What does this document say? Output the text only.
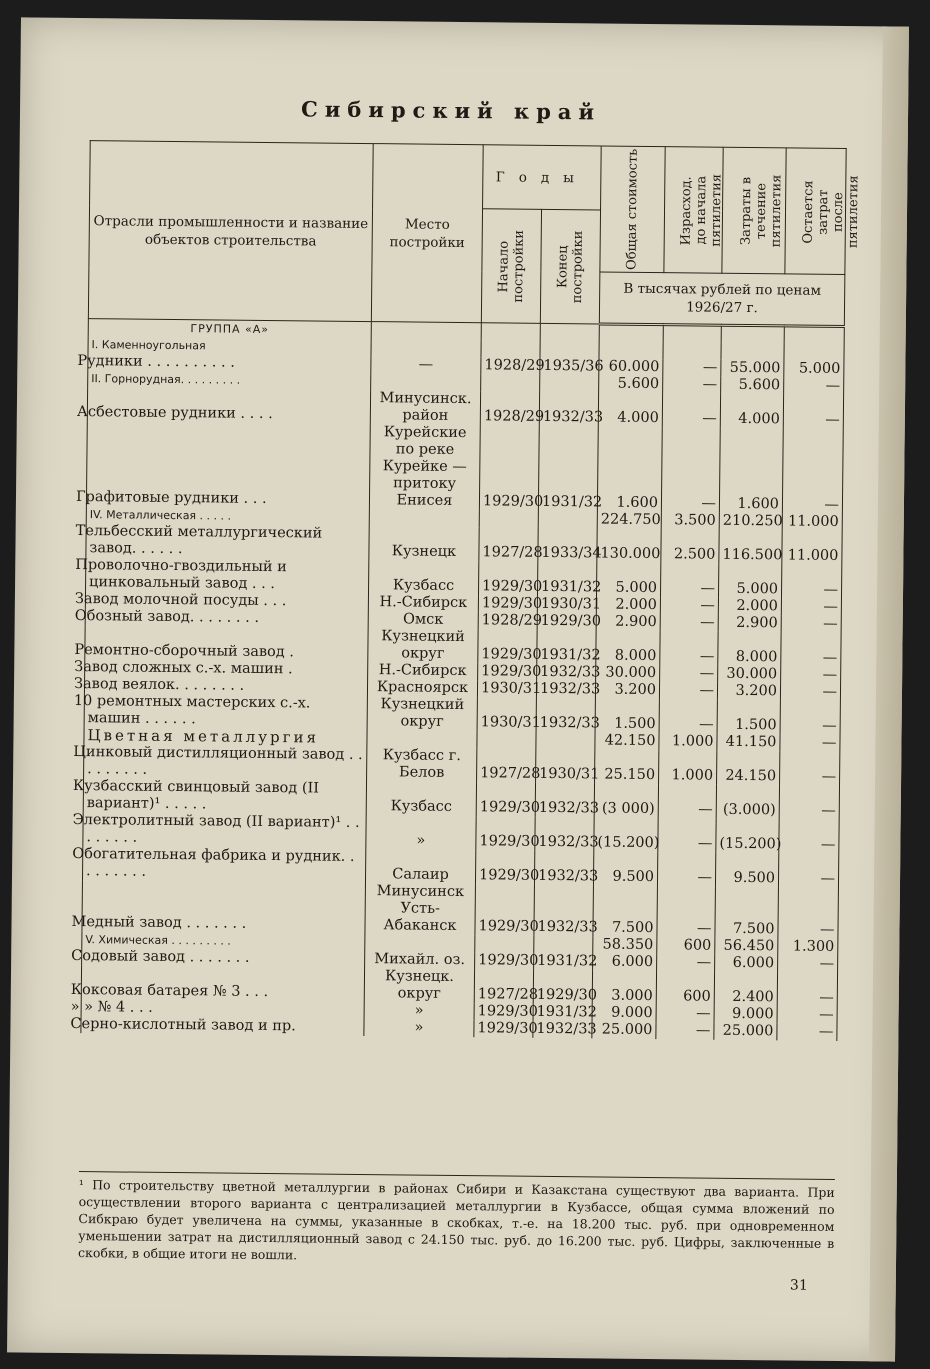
Сибирский край
Отрасли промышленности и название объектов строительства	Место постройки	Годы		Общая стоимость	Израсход. до начала пятилетия	Затраты в течение пятилетия	Остается затрат после пятилетия

		Начало постройки	Конец постройки				

				В тысячах рублей по ценам 1926/27 г.			
ГРУППА «А»							
I. Каменноугольная							
Рудники . . . . . . . . . .	—	1928/29	1935/36	60.000	—	55.000	5.000
II. Горнорудная. . . . . . . . .				5.600	—	5.600	—
Асбестовые рудники . . . .	Минусинск. район	1928/29	1932/33	4.000	—	4.000	—
Графитовые рудники . . .	Курейские по реке Курейке — притоку Енисея	1929/30	1931/32	1.600	—	1.600	—
IV. Металлическая . . . . .				224.750	3.500	210.250	11.000
Тельбесский металлургический завод. . . . . .	Кузнецк	1927/28	1933/34	130.000	2.500	116.500	11.000
Проволочно-гвоздильный и цинковальный завод . . .	Кузбасс	1929/30	1931/32	5.000	—	5.000	—
Завод молочной посуды . . .	Н.-Сибирск	1929/30	1930/31	2.000	—	2.000	—
Обозный завод. . . . . . . .	Омск	1928/29	1929/30	2.900	—	2.900	—
Ремонтно-сборочный завод .	Кузнецкий округ	1929/30	1931/32	8.000	—	8.000	—
Завод сложных с.-х. машин .	Н.-Сибирск	1929/30	1932/33	30.000	—	30.000	—
Завод веялок. . . . . . . .	Красноярск	1930/31	1932/33	3.200	—	3.200	—
10 ремонтных мастерских с.-х. машин . . . . . .	Кузнецкий округ	1930/31	1932/33	1.500	—	1.500	—
Цветная металлургия				42.150	1.000	41.150	—
Цинковый дистилляционный завод . . . . . . . . .	Кузбасс г. Белов	1927/28	1930/31	25.150	1.000	24.150	—
Кузбасский свинцовый завод (II вариант)¹ . . . . .	Кузбасс	1929/30	1932/33	(3 000)	—	(3.000)	—
Электролитный завод (II вариант)¹ . . . . . . . .	»	1929/30	1932/33	(15.200)	—	(15.200)	—
Обогатительная фабрика и рудник. . . . . . . . .	Салаир	1929/30	1932/33	9.500	—	9.500	—
Медный завод . . . . . . .	Минусинск Усть-Абаканск	1929/30	1932/33	7.500	—	7.500	—
V. Химическая . . . . . . . . .				58.350	600	56.450	1.300
Содовый завод . . . . . . .	Михайл. оз.	1929/30	1931/32	6.000	—	6.000	—
Коксовая батарея № 3 . . .	Кузнецк. округ	1927/28	1929/30	3.000	600	2.400	—
» » № 4 . . .	»	1929/30	1931/32	9.000	—	9.000	—
Серно-кислотный завод и пр.	»	1929/30	1932/33	25.000	—	25.000	—
¹ По строительству цветной металлургии в районах Сибири и Казакстана существуют два варианта. При осуществлении второго варианта с централизацией металлургии в Кузбассе, общая сумма вложений по Сибкраю будет увеличена на суммы, указанные в скобках, т.-е. на 18.200 тыс. руб. при одновременном уменьшении затрат на дистилляционный завод с 24.150 тыс. руб. до 16.200 тыс. руб. Цифры, заключенные в скобки, в общие итоги не вошли.
31
